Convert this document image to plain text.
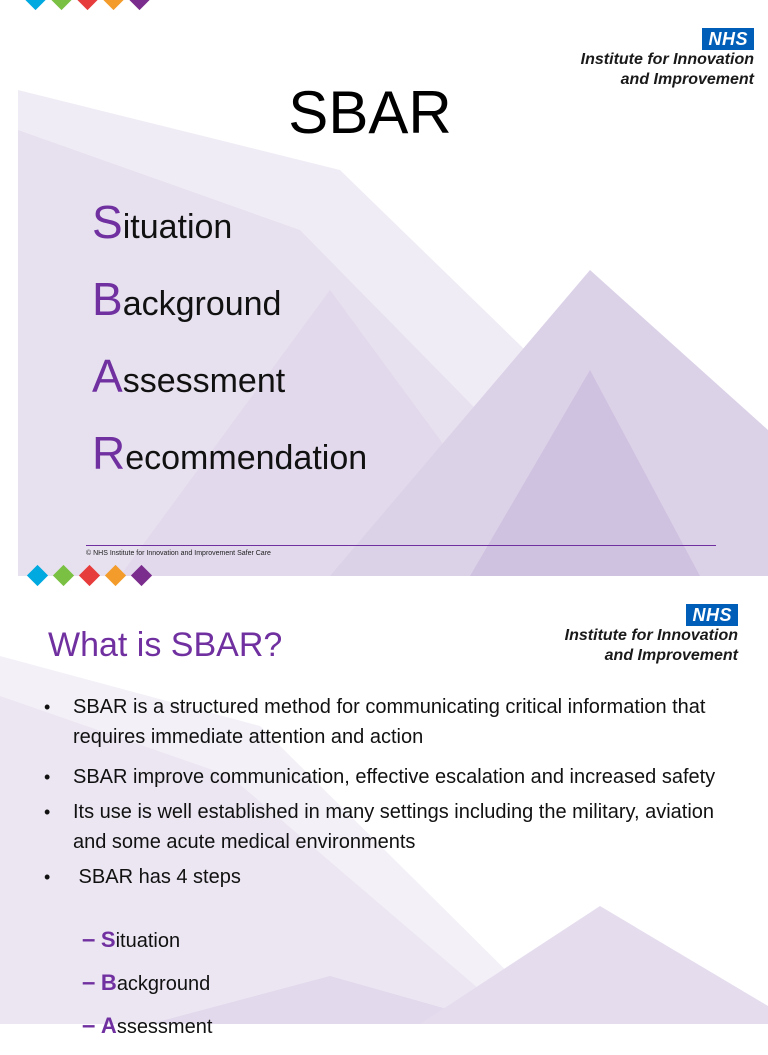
NHS
Institute for Innovation
and Improvement
SBAR
Situation
Background
Assessment
Recommendation
© NHS Institute for Innovation and Improvement Safer Care
NHS
Institute for Innovation
and Improvement
What is SBAR?
• SBAR is a structured method for communicating critical information that requires immediate attention and action
• SBAR improve communication, effective escalation and increased safety
• Its use is well established in many settings including the military, aviation and some acute medical environments
• SBAR has 4 steps
– Situation
– Background
– Assessment
